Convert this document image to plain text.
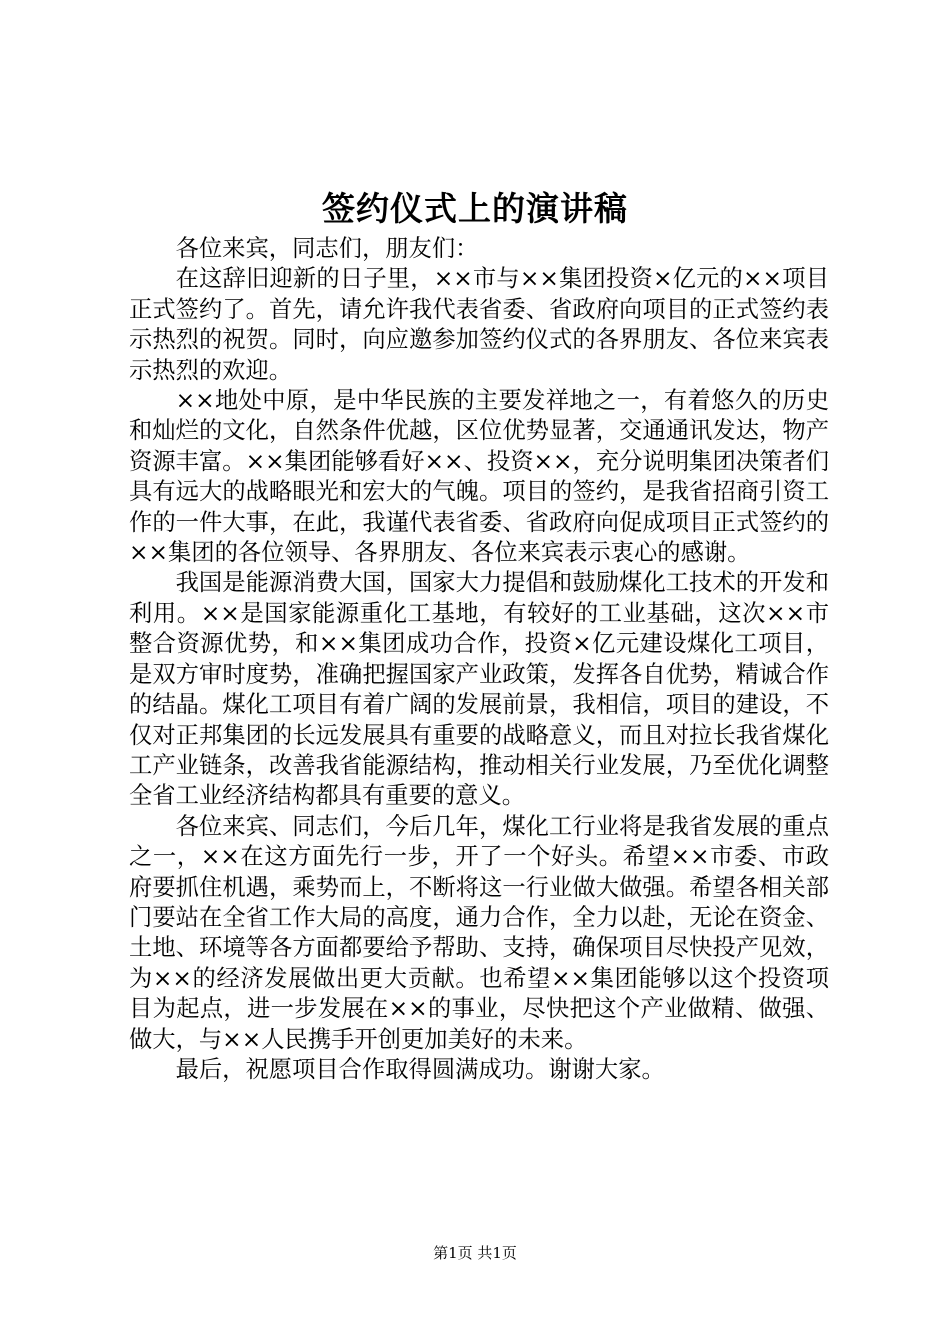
签约仪式上的演讲稿

各位来宾，同志们，朋友们：

在这辞旧迎新的日子里，××市与××集团投资×亿元的××项目正式签约了。首先，请允许我代表省委、省政府向项目的正式签约表示热烈的祝贺。同时，向应邀参加签约仪式的各界朋友、各位来宾表示热烈的欢迎。

××地处中原，是中华民族的主要发祥地之一，有着悠久的历史和灿烂的文化，自然条件优越，区位优势显著，交通通讯发达，物产资源丰富。××集团能够看好××、投资××，充分说明集团决策者们具有远大的战略眼光和宏大的气魄。项目的签约，是我省招商引资工作的一件大事，在此，我谨代表省委、省政府向促成项目正式签约的××集团的各位领导、各界朋友、各位来宾表示衷心的感谢。

我国是能源消费大国，国家大力提倡和鼓励煤化工技术的开发和利用。××是国家能源重化工基地，有较好的工业基础，这次××市整合资源优势，和××集团成功合作，投资×亿元建设煤化工项目，是双方审时度势，准确把握国家产业政策，发挥各自优势，精诚合作的结晶。煤化工项目有着广阔的发展前景，我相信，项目的建设，不仅对正邦集团的长远发展具有重要的战略意义，而且对拉长我省煤化工产业链条，改善我省能源结构，推动相关行业发展，乃至优化调整全省工业经济结构都具有重要的意义。

各位来宾、同志们，今后几年，煤化工行业将是我省发展的重点之一，××在这方面先行一步，开了一个好头。希望××市委、市政府要抓住机遇，乘势而上，不断将这一行业做大做强。希望各相关部门要站在全省工作大局的高度，通力合作，全力以赴，无论在资金、土地、环境等各方面都要给予帮助、支持，确保项目尽快投产见效，为××的经济发展做出更大贡献。也希望××集团能够以这个投资项目为起点，进一步发展在××的事业，尽快把这个产业做精、做强、做大，与××人民携手开创更加美好的未来。

最后，祝愿项目合作取得圆满成功。谢谢大家。

第1页 共1页
